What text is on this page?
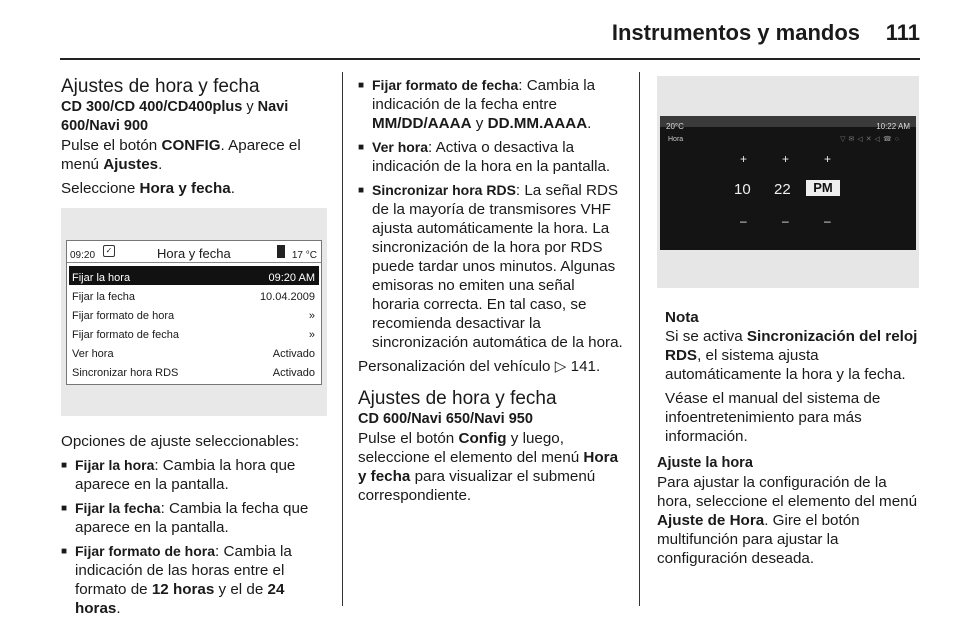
Instrumentos y mandos 111
Ajustes de hora y fecha
CD 300/CD 400/CD400plus y Navi 600/Navi 900

Pulse el botón CONFIG. Aparece el menú Ajustes.

Seleccione Hora y fecha.

09:20	✓	Hora y fecha	17 °C
Fijar la hora	09:20 AM
Fijar la fecha	10.04.2009
Fijar formato de hora	»
Fijar formato de fecha	»
Ver hora	Activado
Sincronizar hora RDS	Activado

Opciones de ajuste seleccionables:

■ Fijar la hora: Cambia la hora que aparece en la pantalla.
■ Fijar la fecha: Cambia la fecha que aparece en la pantalla.
■ Fijar formato de hora: Cambia la indicación de las horas entre el formato de 12 horas y el de 24 horas.
■ Fijar formato de fecha: Cambia la indicación de la fecha entre MM/DD/AAAA y DD.MM.AAAA.
■ Ver hora: Activa o desactiva la indicación de la hora en la pantalla.
■ Sincronizar hora RDS: La señal RDS de la mayoría de transmisores VHF ajusta automáticamente la hora. La sincronización de la hora por RDS puede tardar unos minutos. Algunas emisoras no emiten una señal horaria correcta. En tal caso, se recomienda desactivar la sincronización automática de la hora.

Personalización del vehículo ▷ 141.

Ajustes de hora y fecha
CD 600/Navi 650/Navi 950

Pulse el botón Config y luego, seleccione el elemento del menú Hora y fecha para visualizar el submenú correspondiente.

20°C	10:22 AM
Hora	▽✉◁✕◁☎○
+	+	+
10 22	PM
–	–	–
Nota

Si se activa Sincronización del reloj RDS, el sistema ajusta automáticamente la hora y la fecha.

Véase el manual del sistema de infoentretenimiento para más información.

Ajuste la hora

Para ajustar la configuración de la hora, seleccione el elemento del menú Ajuste de Hora. Gire el botón multifunción para ajustar la configuración deseada.
